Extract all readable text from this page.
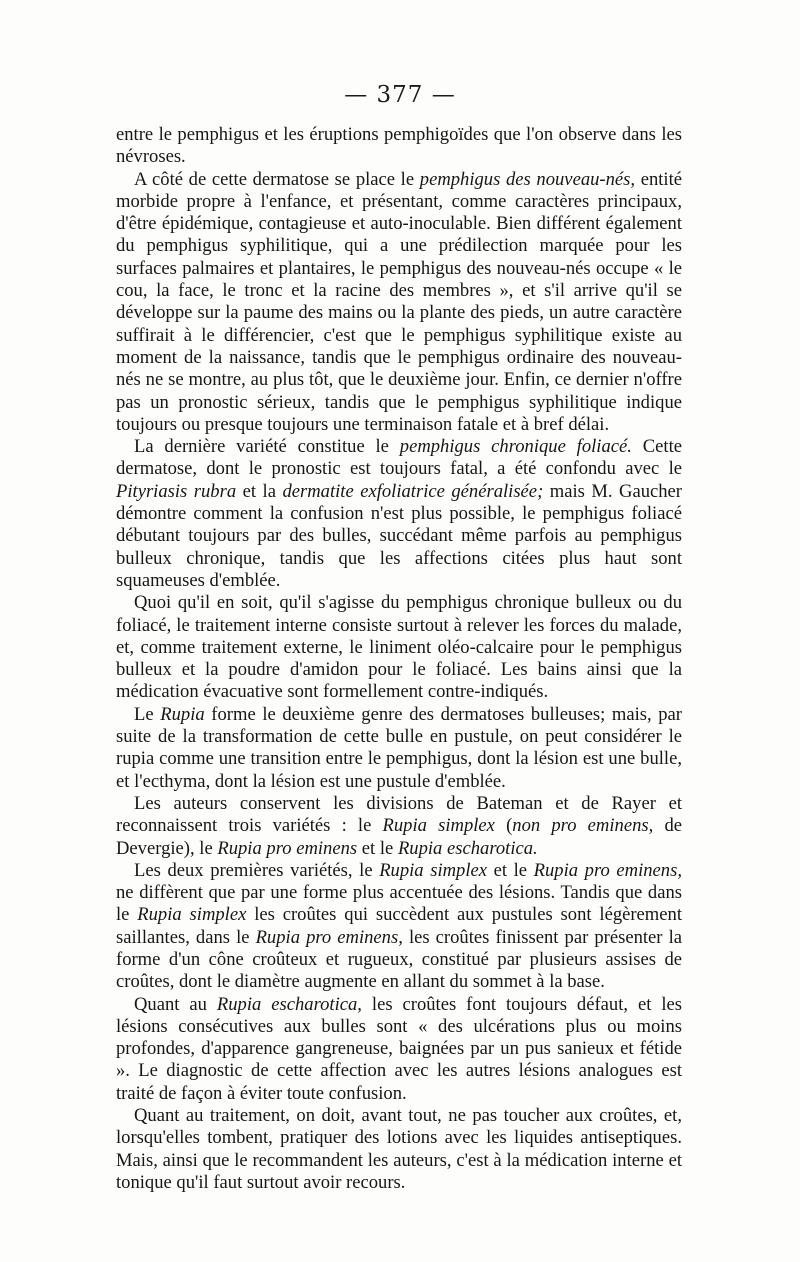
— 377 —

entre le pemphigus et les éruptions pemphigoïdes que l'on observe dans les névroses.

A côté de cette dermatose se place le pemphigus des nouveau-nés, entité morbide propre à l'enfance, et présentant, comme caractères principaux, d'être épidémique, contagieuse et auto-inoculable. Bien différent également du pemphigus syphilitique, qui a une prédilection marquée pour les surfaces palmaires et plantaires, le pemphigus des nouveau-nés occupe « le cou, la face, le tronc et la racine des membres », et s'il arrive qu'il se développe sur la paume des mains ou la plante des pieds, un autre caractère suffirait à le différencier, c'est que le pemphigus syphilitique existe au moment de la naissance, tandis que le pemphigus ordinaire des nouveau-nés ne se montre, au plus tôt, que le deuxième jour. Enfin, ce dernier n'offre pas un pronostic sérieux, tandis que le pemphigus syphilitique indique toujours ou presque toujours une terminaison fatale et à bref délai.

La dernière variété constitue le pemphigus chronique foliacé. Cette dermatose, dont le pronostic est toujours fatal, a été confondu avec le Pityriasis rubra et la dermatite exfoliatrice généralisée; mais M. Gaucher démontre comment la confusion n'est plus possible, le pemphigus foliacé débutant toujours par des bulles, succédant même parfois au pemphigus bulleux chronique, tandis que les affections citées plus haut sont squameuses d'emblée.

Quoi qu'il en soit, qu'il s'agisse du pemphigus chronique bulleux ou du foliacé, le traitement interne consiste surtout à relever les forces du malade, et, comme traitement externe, le liniment oléo-calcaire pour le pemphigus bulleux et la poudre d'amidon pour le foliacé. Les bains ainsi que la médication évacuative sont formellement contre-indiqués.

Le Rupia forme le deuxième genre des dermatoses bulleuses; mais, par suite de la transformation de cette bulle en pustule, on peut considérer le rupia comme une transition entre le pemphigus, dont la lésion est une bulle, et l'ecthyma, dont la lésion est une pustule d'emblée.

Les auteurs conservent les divisions de Bateman et de Rayer et reconnaissent trois variétés : le Rupia simplex (non pro eminens, de Devergie), le Rupia pro eminens et le Rupia escharotica.

Les deux premières variétés, le Rupia simplex et le Rupia pro eminens, ne diffèrent que par une forme plus accentuée des lésions. Tandis que dans le Rupia simplex les croûtes qui succèdent aux pustules sont légèrement saillantes, dans le Rupia pro eminens, les croûtes finissent par présenter la forme d'un cône croûteux et rugueux, constitué par plusieurs assises de croûtes, dont le diamètre augmente en allant du sommet à la base.

Quant au Rupia escharotica, les croûtes font toujours défaut, et les lésions consécutives aux bulles sont « des ulcérations plus ou moins profondes, d'apparence gangreneuse, baignées par un pus sanieux et fétide ». Le diagnostic de cette affection avec les autres lésions analogues est traité de façon à éviter toute confusion.

Quant au traitement, on doit, avant tout, ne pas toucher aux croûtes, et, lorsqu'elles tombent, pratiquer des lotions avec les liquides antiseptiques. Mais, ainsi que le recommandent les auteurs, c'est à la médication interne et tonique qu'il faut surtout avoir recours.
